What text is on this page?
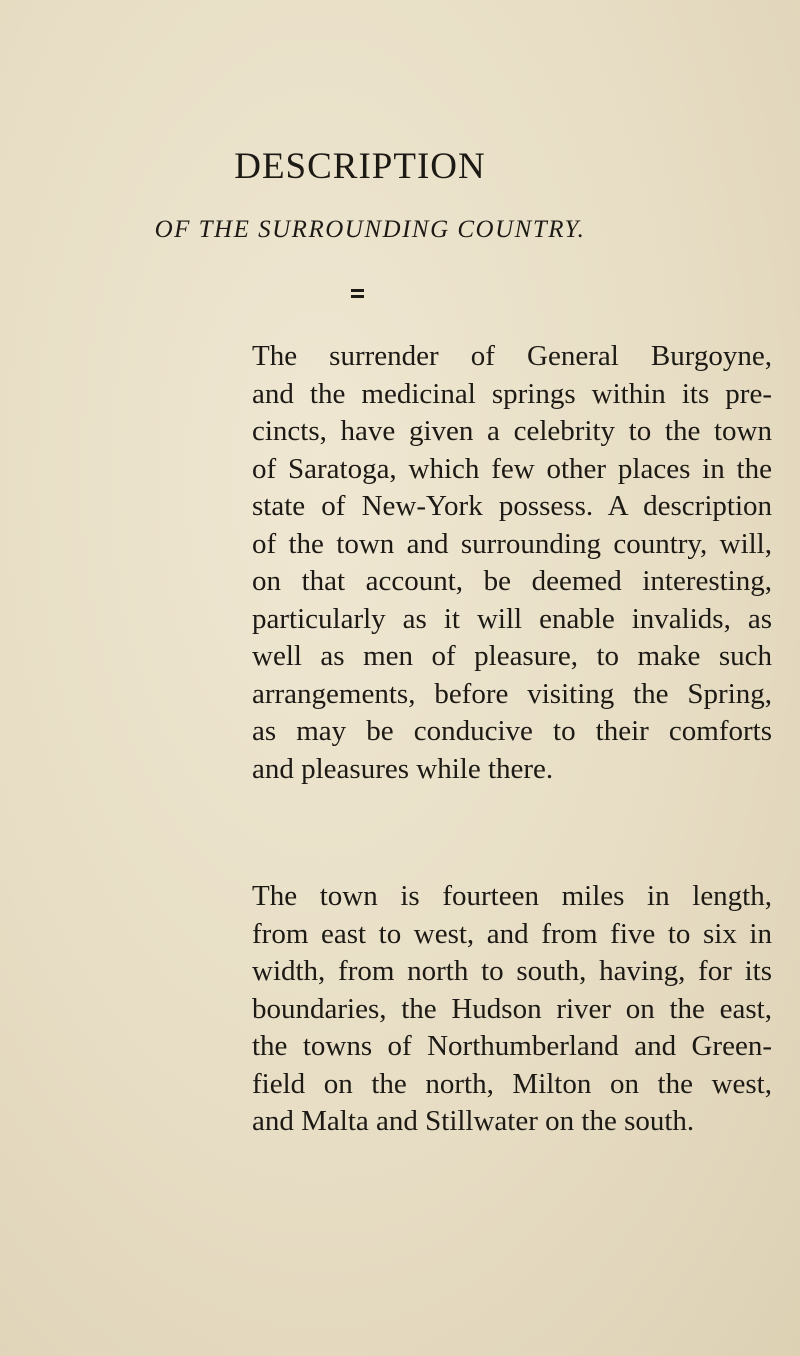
DESCRIPTION
OF THE SURROUNDING COUNTRY.

The surrender of General Burgoyne,
and the medicinal springs within its pre-
cincts, have given a celebrity to the town
of Saratoga, which few other places in the
state of New-York possess. A description
of the town and surrounding country, will,
on that account, be deemed interesting,
particularly as it will enable invalids, as
well as men of pleasure, to make such
arrangements, before visiting the Spring,
as may be conducive to their comforts
and pleasures while there.

The town is fourteen miles in length,
from east to west, and from five to six in
width, from north to south, having, for its
boundaries, the Hudson river on the east,
the towns of Northumberland and Green-
field on the north, Milton on the west,
and Malta and Stillwater on the south.
